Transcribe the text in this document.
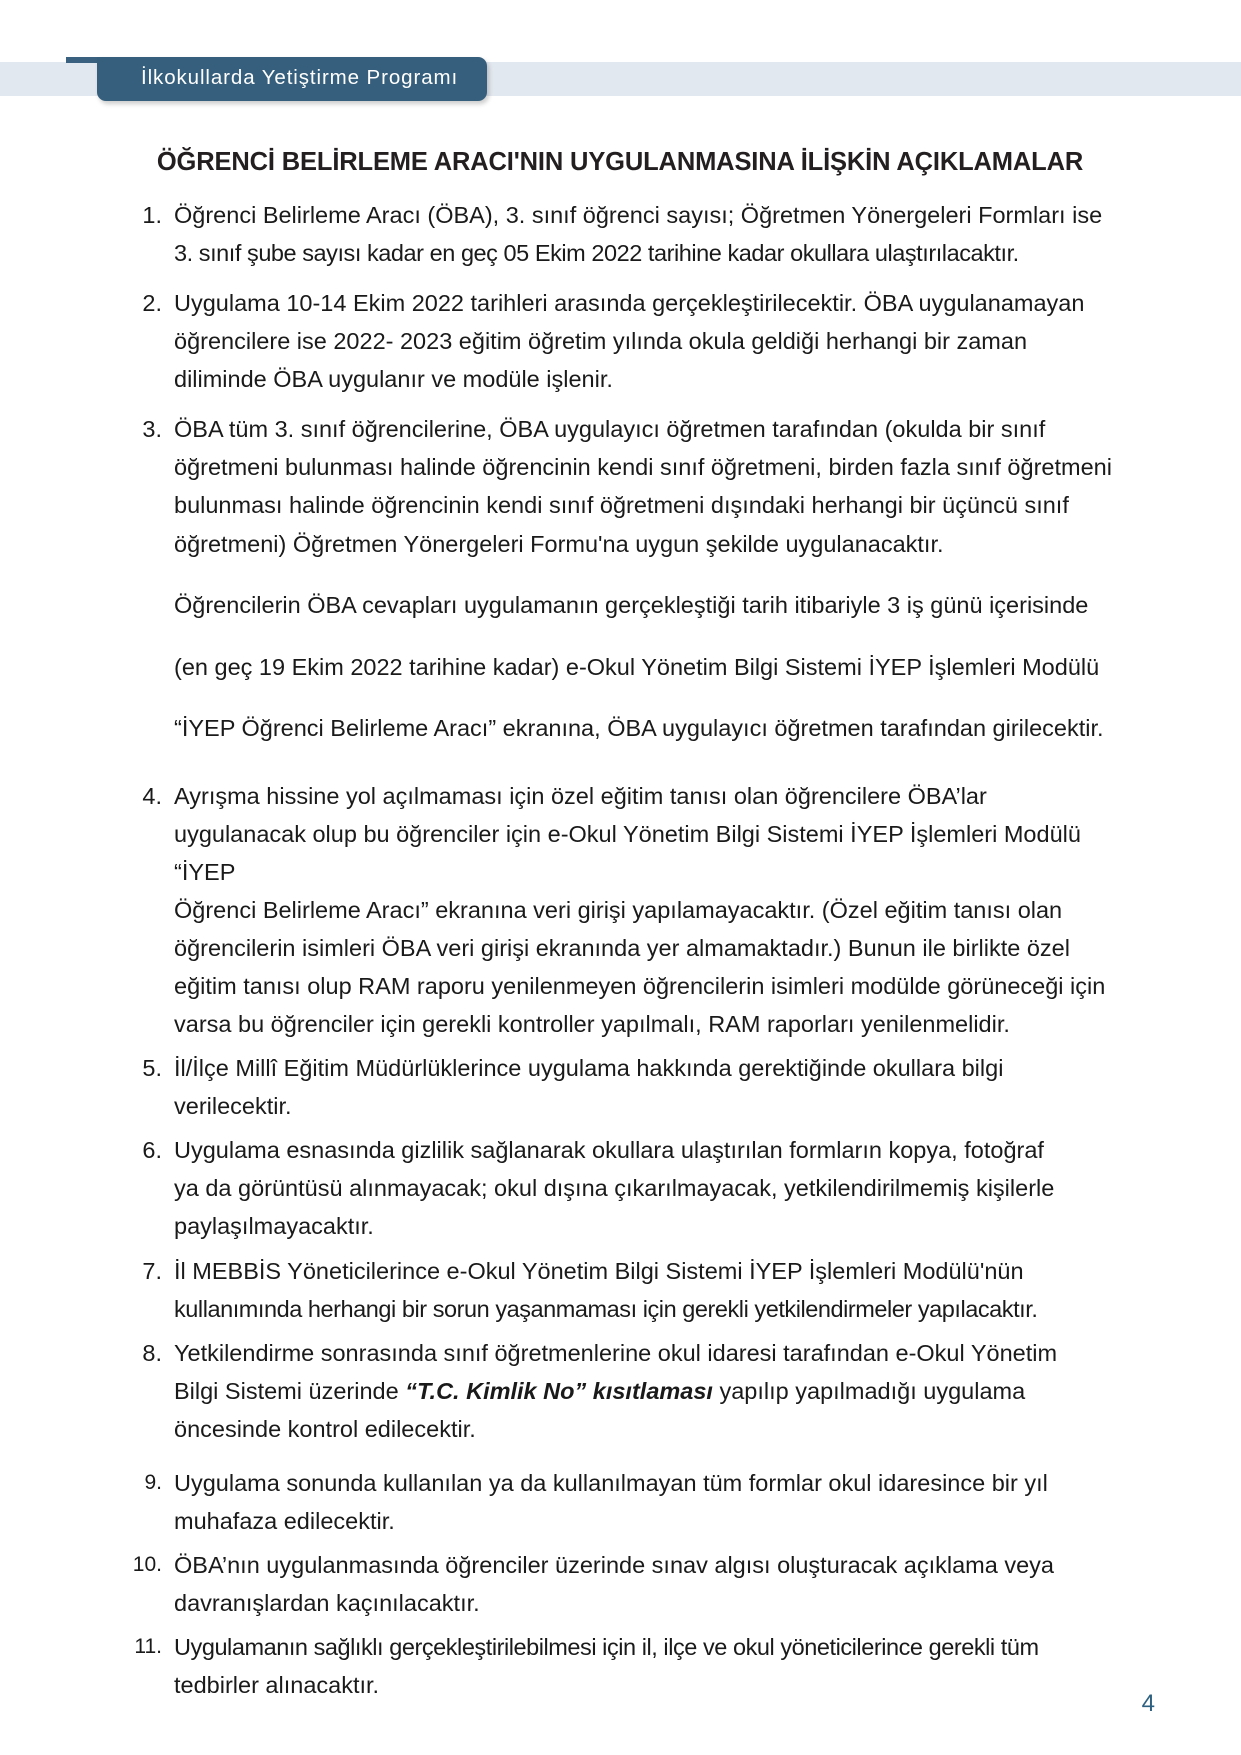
İlkokullarda Yetiştirme Programı
ÖĞRENCİ BELİRLEME ARACI'NIN UYGULANMASINA İLİŞKİN AÇIKLAMALAR
1. Öğrenci Belirleme Aracı (ÖBA), 3. sınıf öğrenci sayısı; Öğretmen Yönergeleri Formları ise

3. sınıf şube sayısı kadar en geç 05 Ekim 2022 tarihine kadar okullara ulaştırılacaktır.

2. Uygulama 10-14 Ekim 2022 tarihleri arasında gerçekleştirilecektir. ÖBA uygulanamayan

öğrencilere ise 2022- 2023 eğitim öğretim yılında okula geldiği herhangi bir zaman

diliminde ÖBA uygulanır ve modüle işlenir.

3. ÖBA tüm 3. sınıf öğrencilerine, ÖBA uygulayıcı öğretmen tarafından (okulda bir sınıf

öğretmeni bulunması halinde öğrencinin kendi sınıf öğretmeni, birden fazla sınıf öğretmeni

bulunması halinde öğrencinin kendi sınıf öğretmeni dışındaki herhangi bir üçüncü sınıf

öğretmeni) Öğretmen Yönergeleri Formu'na uygun şekilde uygulanacaktır.

Öğrencilerin ÖBA cevapları uygulamanın gerçekleştiği tarih itibariyle 3 iş günü içerisinde

(en geç 19 Ekim 2022 tarihine kadar) e-Okul Yönetim Bilgi Sistemi İYEP İşlemleri Modülü

“İYEP Öğrenci Belirleme Aracı” ekranına, ÖBA uygulayıcı öğretmen tarafından girilecektir.

4. Ayrışma hissine yol açılmaması için özel eğitim tanısı olan öğrencilere ÖBA’lar

uygulanacak olup bu öğrenciler için e-Okul Yönetim Bilgi Sistemi İYEP İşlemleri Modülü “İYEP

Öğrenci Belirleme Aracı” ekranına veri girişi yapılamayacaktır. (Özel eğitim tanısı olan

öğrencilerin isimleri ÖBA veri girişi ekranında yer almamaktadır.) Bunun ile birlikte özel

eğitim tanısı olup RAM raporu yenilenmeyen öğrencilerin isimleri modülde görüneceği için

varsa bu öğrenciler için gerekli kontroller yapılmalı, RAM raporları yenilenmelidir.

5. İl/İlçe Millî Eğitim Müdürlüklerince uygulama hakkında gerektiğinde okullara bilgi

verilecektir.

6. Uygulama esnasında gizlilik sağlanarak okullara ulaştırılan formların kopya, fotoğraf

ya da görüntüsü alınmayacak; okul dışına çıkarılmayacak, yetkilendirilmemiş kişilerle

paylaşılmayacaktır.

7. İl MEBBİS Yöneticilerince e-Okul Yönetim Bilgi Sistemi İYEP İşlemleri Modülü'nün

kullanımında herhangi bir sorun yaşanmaması için gerekli yetkilendirmeler yapılacaktır.

8. Yetkilendirme sonrasında sınıf öğretmenlerine okul idaresi tarafından e-Okul Yönetim

Bilgi Sistemi üzerinde “T.C. Kimlik No” kısıtlaması yapılıp yapılmadığı uygulama

öncesinde kontrol edilecektir.

9. Uygulama sonunda kullanılan ya da kullanılmayan tüm formlar okul idaresince bir yıl

muhafaza edilecektir.

10. ÖBA’nın uygulanmasında öğrenciler üzerinde sınav algısı oluşturacak açıklama veya

davranışlardan kaçınılacaktır.

11. Uygulamanın sağlıklı gerçekleştirilebilmesi için il, ilçe ve okul yöneticilerince gerekli tüm

tedbirler alınacaktır.

4
